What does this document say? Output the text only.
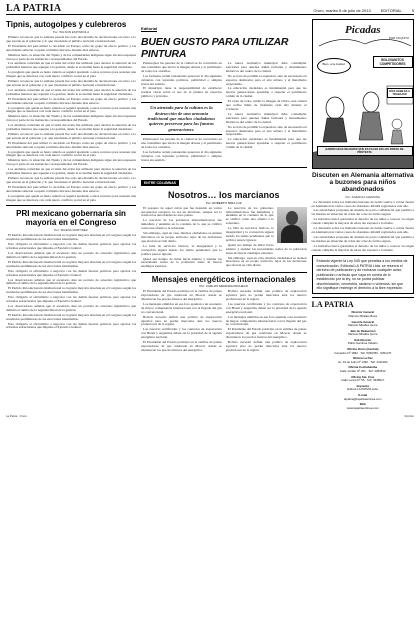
LA PATRIA	Oruro, martes 8 de julio de 2013	EDITORIAL	5
Tipnis, autogolpes y culebreros
Por: WILSON ESPINDOLA

Primero reconocer que la semana pasada fue todo una maraña de declaraciones en torno a lo que sucede en el gobierno y lo que trasciende al público nacional e internacional.

El Presidente del país utilizó lo sucedido en Europa como un golpe de efecto político y las autoridades salieron a repetir el mismo discurso durante días enteros.

Mientras tanto, la situación del Tipnis y de las comunidades indígenas sigue sin una respuesta clara por parte de las instancias correspondientes del Estado.

Los analistas coinciden en que el tema del avión fue utilizado para desviar la atención de los problemas internos que aquejan a la gestión, desde la economía hasta la seguridad ciudadana.

La pregunta que queda es hasta cuándo se seguirá apelando a estos recursos para sostener una imagen que se deteriora con cada nuevo conflicto social en el país.

Primero reconocer que la semana pasada fue todo una maraña de declaraciones en torno a lo que sucede en el gobierno y lo que trasciende al público nacional e internacional.

Los analistas coinciden en que el tema del avión fue utilizado para desviar la atención de los problemas internos que aquejan a la gestión, desde la economía hasta la seguridad ciudadana.

El Presidente del país utilizó lo sucedido en Europa como un golpe de efecto político y las autoridades salieron a repetir el mismo discurso durante días enteros.

La pregunta que queda es hasta cuándo se seguirá apelando a estos recursos para sostener una imagen que se deteriora con cada nuevo conflicto social en el país.

Mientras tanto, la situación del Tipnis y de las comunidades indígenas sigue sin una respuesta clara por parte de las instancias correspondientes del Estado.

Los analistas coinciden en que el tema del avión fue utilizado para desviar la atención de los problemas internos que aquejan a la gestión, desde la economía hasta la seguridad ciudadana.

Primero reconocer que la semana pasada fue todo una maraña de declaraciones en torno a lo que sucede en el gobierno y lo que trasciende al público nacional e internacional.

El Presidente del país utilizó lo sucedido en Europa como un golpe de efecto político y las autoridades salieron a repetir el mismo discurso durante días enteros.

La pregunta que queda es hasta cuándo se seguirá apelando a estos recursos para sostener una imagen que se deteriora con cada nuevo conflicto social en el país.

Mientras tanto, la situación del Tipnis y de las comunidades indígenas sigue sin una respuesta clara por parte de las instancias correspondientes del Estado.

Los analistas coinciden en que el tema del avión fue utilizado para desviar la atención de los problemas internos que aquejan a la gestión, desde la economía hasta la seguridad ciudadana.

Primero reconocer que la semana pasada fue todo una maraña de declaraciones en torno a lo que sucede en el gobierno y lo que trasciende al público nacional e internacional.

El Presidente del país utilizó lo sucedido en Europa como un golpe de efecto político y las autoridades salieron a repetir el mismo discurso durante días enteros.

La pregunta que queda es hasta cuándo se seguirá apelando a estos recursos para sostener una imagen que se deteriora con cada nuevo conflicto social en el país.

PRI mexicano gobernaría sin mayoría en el Congreso
Por: MILENA MARTINEZ

El Partido Revolucionario Institucional no lograría mayoría absoluta en el Congreso según los resultados preliminares de las elecciones intermedias.

Esto obligaría al oficialismo a negociar con las demás fuerzas políticas para aprobar las reformas estructurales que impulsa el Ejecutivo federal.

Los observadores señalan que el escenario abre un periodo de acuerdos legislativos que definirá el rumbo de la segunda mitad de la gestión.

El Partido Revolucionario Institucional no lograría mayoría absoluta en el Congreso según los resultados preliminares de las elecciones intermedias.

Esto obligaría al oficialismo a negociar con las demás fuerzas políticas para aprobar las reformas estructurales que impulsa el Ejecutivo federal.

Los observadores señalan que el escenario abre un periodo de acuerdos legislativos que definirá el rumbo de la segunda mitad de la gestión.

El Partido Revolucionario Institucional no lograría mayoría absoluta en el Congreso según los resultados preliminares de las elecciones intermedias.

Esto obligaría al oficialismo a negociar con las demás fuerzas políticas para aprobar las reformas estructurales que impulsa el Ejecutivo federal.

Los observadores señalan que el escenario abre un periodo de acuerdos legislativos que definirá el rumbo de la segunda mitad de la gestión.

El Partido Revolucionario Institucional no lograría mayoría absoluta en el Congreso según los resultados preliminares de las elecciones intermedias.

Esto obligaría al oficialismo a negociar con las demás fuerzas políticas para aprobar las reformas estructurales que impulsa el Ejecutivo federal.

Editorial
BUEN GUSTO PARA UTILIZAR PINTURA

Pintarrajear las paredes de la ciudad se ha convertido en una costumbre que afecta la imagen urbana y el patrimonio de todos los orureños.

Las fachadas recién restauradas aparecen al día siguiente cubiertas con leyendas políticas, publicidad o simples trazos sin sentido.

El municipio tiene la responsabilidad de establecer normas claras sobre el uso de la pintura en espacios públicos y privados.

Un atentado para la cultura es la destrucción de una armonía tradicional que muchos ciudadanos quieren preservar para las futuras generaciones.

Pintarrajear las paredes de la ciudad se ha convertido en una costumbre que afecta la imagen urbana y el patrimonio de todos los orureños.

Las fachadas recién restauradas aparecen al día siguiente cubiertas con leyendas políticas, publicidad o simples trazos sin sentido.

La nueva normativa municipal debe contemplar sanciones para quienes dañen fachadas y monumentos históricos del centro de la ciudad.

No se trata de prohibir la expresión, sino de encauzarla en espacios destinados para el arte urbano y el muralismo responsable.

La educación ciudadana es fundamental para que las nuevas generaciones aprendan a respetar el patrimonio común de la ciudad.

Es tarea de todos cuidar la imagen de Oruro, una ciudad que recibe miles de visitantes cada año durante el Carnaval.

La nueva normativa municipal debe contemplar sanciones para quienes dañen fachadas y monumentos históricos del centro de la ciudad.

No se trata de prohibir la expresión, sino de encauzarla en espacios destinados para el arte urbano y el muralismo responsable.

La educación ciudadana es fundamental para que las nuevas generaciones aprendan a respetar el patrimonio común de la ciudad.

ENTRE COLUMNAS
Nosotros… los marcianos
Por: ROBERTO MIRA LUZ

El pasajero de aquel avión que fue detenido en varios aeropuertos europeos no era un marciano, aunque así lo trataron las autoridades de esos países.

La reacción de los gobiernos latinoamericanos fue inmediata y unánime en la condena de lo que se calificó como una afrenta a la soberanía.

Sin embargo, aquí en casa, muchos ciudadanos se sienten marcianos en su propio territorio, lejos de las decisiones que afectan su vida diaria.

La falta de servicios básicos, la inseguridad y la corrupción siguen siendo los temas pendientes que la política parece ignorar.

Quizá sea tiempo de mirar hacia adentro y atender las necesidades reales de la población antes de buscar enemigos externos.

La reacción de los gobiernos latinoamericanos fue inmediata y unánime en la condena de lo que se calificó como una afrenta a la soberanía.

La falta de servicios básicos, la inseguridad y la corrupción siguen siendo los temas pendientes que la política parece ignorar.

Quizá sea tiempo de mirar hacia adentro y atender las necesidades reales de la población antes de buscar enemigos externos.

Sin embargo, aquí en casa, muchos ciudadanos se sienten marcianos en su propio territorio, lejos de las decisiones que afectan su vida diaria.

Mensajes energéticos internacionales
Por: CARLOS MIRANDA PACHECO

El Presidente del Estado participó en la cumbre de países exportadores de gas celebrada en Moscú, donde se discutieron los precios futuros del energético.

Los mensajes emitidos en ese foro apuntan a un escenario de mayor competencia internacional con la llegada del gas no convencional.

Bolivia necesita definir una política de exploración agresiva para no perder mercados ante los nuevos productores de la región.

Las reservas certificadas y los contratos de exportación con Brasil y Argentina deben ser la prioridad de la agenda energética nacional.

El Presidente del Estado participó en la cumbre de países exportadores de gas celebrada en Moscú, donde se discutieron los precios futuros del energético.

Bolivia necesita definir una política de exploración agresiva para no perder mercados ante los nuevos productores de la región.

Las reservas certificadas y los contratos de exportación con Brasil y Argentina deben ser la prioridad de la agenda energética nacional.

Los mensajes emitidos en ese foro apuntan a un escenario de mayor competencia internacional con la llegada del gas no convencional.

El Presidente del Estado participó en la cumbre de países exportadores de gas celebrada en Moscú, donde se discutieron los precios futuros del energético.

Bolivia necesita definir una política de exploración agresiva para no perder mercados ante los nuevos productores de la región.

Picadas
POR COQUITO
Bien, a la ciudad
BOLIVIANITOS COMPETIDORES
DÍAS HÁBILES A TRABAJAR
BARRICADAS DEJAMOS QUE ES FALSO EN LOS PAROS DE PROTESTA
Discuten en Alemania alternativa a buzones para niños abandonados
Por: AGENCIA ALEMANA

La discusión sobre los llamados buzones de bebés vuelve a cobrar fuerza en Alemania tras varios casos de abandono infantil registrados este año.

Las autoridades proponen un sistema de parto confidencial que permita a las madres en situación de crisis dar a luz de forma segura.

La iniciativa busca garantizar el derecho de los niños a conocer su origen cuando cumplan la mayoría de edad, sin exponer a la madre.

La discusión sobre los llamados buzones de bebés vuelve a cobrar fuerza en Alemania tras varios casos de abandono infantil registrados este año.

Las autoridades proponen un sistema de parto confidencial que permita a las madres en situación de crisis dar a luz de forma segura.

La iniciativa busca garantizar el derecho de los niños a conocer su origen cuando cumplan la mayoría de edad, sin exponer a la madre.

Estando vigente la Ley 045 que penaliza a los medios de comunicación, Editorial LA PATRIA Ltda. se reserva el derecho de publicación y de rechazar cualquier aviso, publicación o artículo que vaya en contra de lo establecido por la ley, no se podrá publicar discriminación, xenofobia, racismo o violencia, sin que ello signifique restringir el derecho a la libre expresión.
LA PATRIA
Director General
Marcelo Miralles Bova
Gerente General
Marcelo Miralles Iporre
Jefe de Redacción
Marcelo Miralles Iporre
Sub Director
Pablo Gamboa Vidalón
Oficina Oruro (Central)
Camacho Nº 1892 · Telf. 5250780 - 5251170
Oficina La Paz
Av. 16 de Julio Nº 1490 · Telf. 2311024
Oficina Cochabamba
Calle Jordán Nº 251 · Telf. 4250512
Oficina Sta. Cruz
Calle Lanza Nº 55 · Telf. 3338917
Imprenta
Editora LA PATRIA Ltda.
E-mail
lapatria@lapatriaenlinea.com
Web
www.lapatriaenlinea.com
La Patria · Oruro	Opinión
